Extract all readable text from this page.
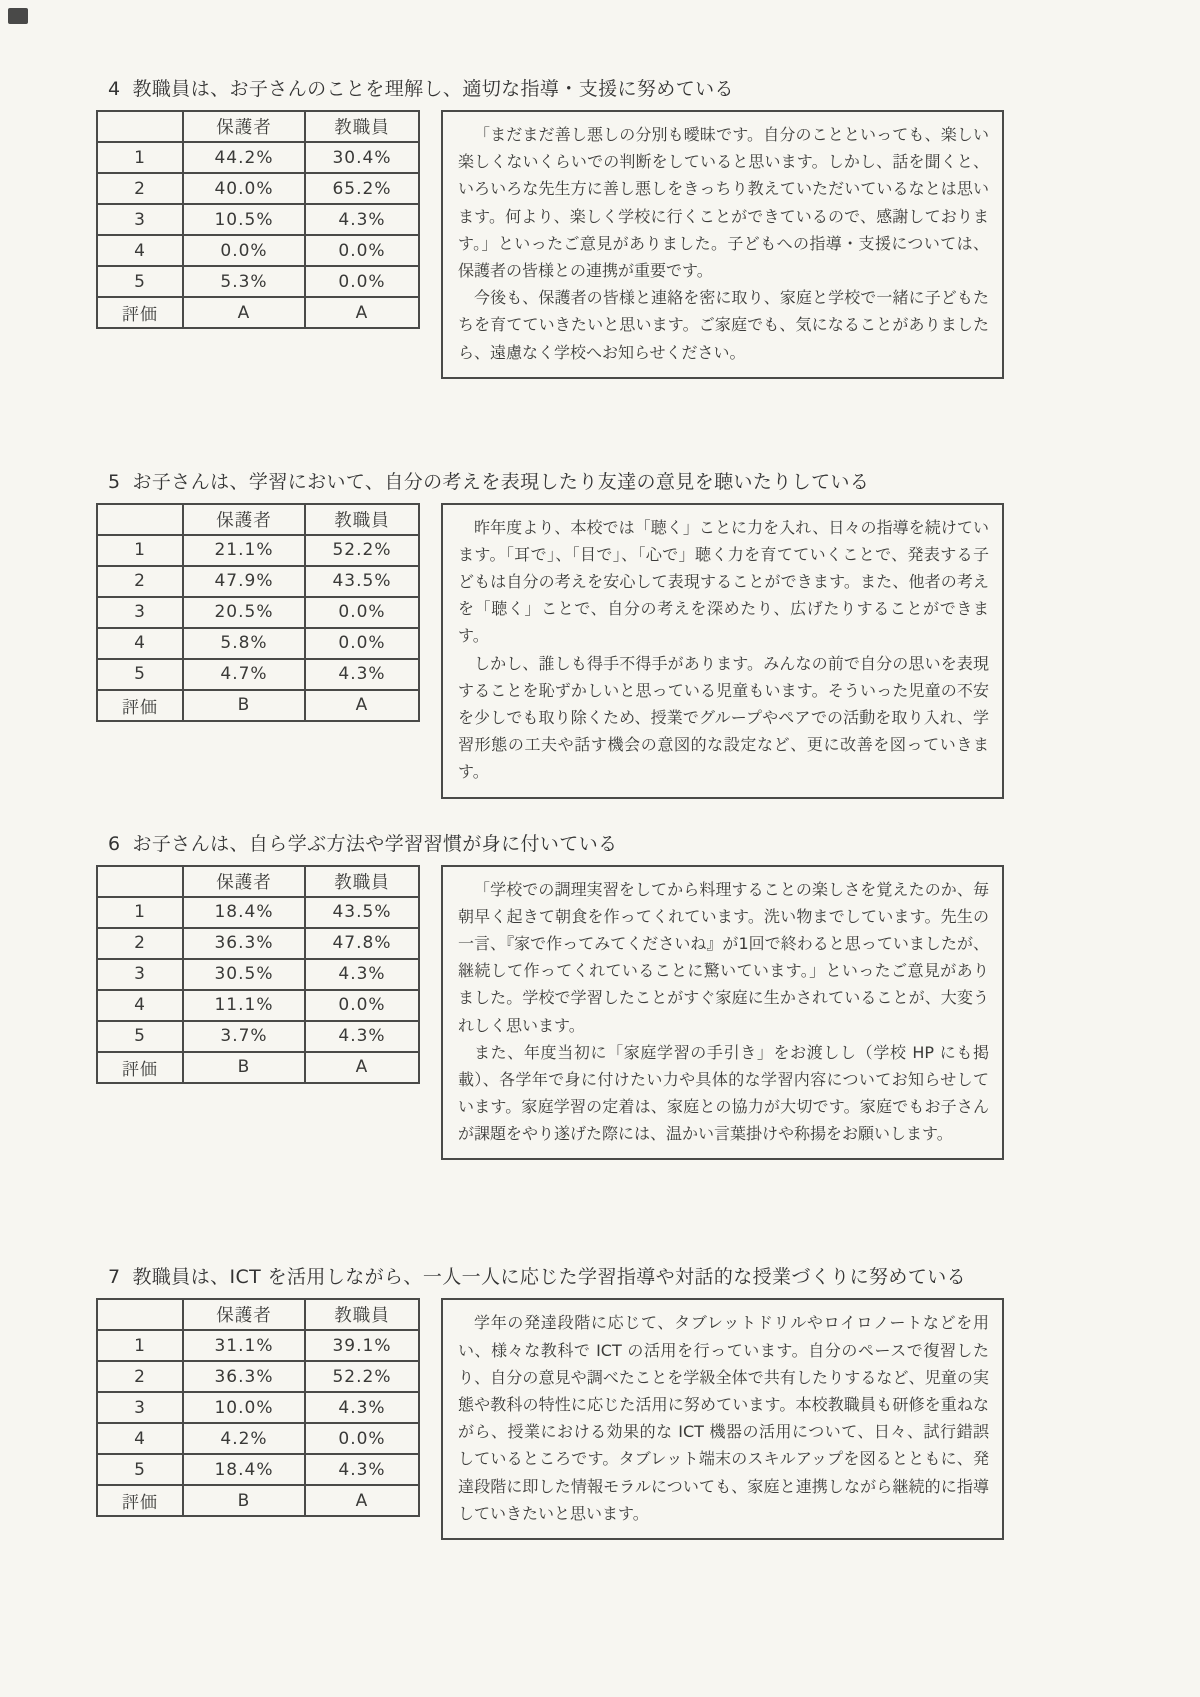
4 教職員は、お子さんのことを理解し、適切な指導・支援に努めている
	保護者	教職員
1	44.2%	30.4%
2	40.0%	65.2%
3	10.5%	4.3%
4	0.0%	0.0%
5	5.3%	0.0%
評価	A	A

「まだまだ善し悪しの分別も曖昧です。自分のことといっても、楽しい楽しくないくらいでの判断をしていると思います。しかし、話を聞くと、いろいろな先生方に善し悪しをきっちり教えていただいているなとは思います。何より、楽しく学校に行くことができているので、感謝しております。」といったご意見がありました。子どもへの指導・支援については、保護者の皆様との連携が重要です。

今後も、保護者の皆様と連絡を密に取り、家庭と学校で一緒に子どもたちを育てていきたいと思います。ご家庭でも、気になることがありましたら、遠慮なく学校へお知らせください。

5 お子さんは、学習において、自分の考えを表現したり友達の意見を聴いたりしている
	保護者	教職員
1	21.1%	52.2%
2	47.9%	43.5%
3	20.5%	0.0%
4	5.8%	0.0%
5	4.7%	4.3%
評価	B	A

昨年度より、本校では「聴く」ことに力を入れ、日々の指導を続けています。「耳で」、「目で」、「心で」聴く力を育てていくことで、発表する子どもは自分の考えを安心して表現することができます。また、他者の考えを「聴く」ことで、自分の考えを深めたり、広げたりすることができます。

しかし、誰しも得手不得手があります。みんなの前で自分の思いを表現することを恥ずかしいと思っている児童もいます。そういった児童の不安を少しでも取り除くため、授業でグループやペアでの活動を取り入れ、学習形態の工夫や話す機会の意図的な設定など、更に改善を図っていきます。

6 お子さんは、自ら学ぶ方法や学習習慣が身に付いている
	保護者	教職員
1	18.4%	43.5%
2	36.3%	47.8%
3	30.5%	4.3%
4	11.1%	0.0%
5	3.7%	4.3%
評価	B	A

「学校での調理実習をしてから料理することの楽しさを覚えたのか、毎朝早く起きて朝食を作ってくれています。洗い物までしています。先生の一言、『家で作ってみてくださいね』が1回で終わると思っていましたが、継続して作ってくれていることに驚いています。」といったご意見がありました。学校で学習したことがすぐ家庭に生かされていることが、大変うれしく思います。

また、年度当初に「家庭学習の手引き」をお渡しし（学校 HP にも掲載）、各学年で身に付けたい力や具体的な学習内容についてお知らせしています。家庭学習の定着は、家庭との協力が大切です。家庭でもお子さんが課題をやり遂げた際には、温かい言葉掛けや称揚をお願いします。

7 教職員は、ICT を活用しながら、一人一人に応じた学習指導や対話的な授業づくりに努めている
	保護者	教職員
1	31.1%	39.1%
2	36.3%	52.2%
3	10.0%	4.3%
4	4.2%	0.0%
5	18.4%	4.3%
評価	B	A

学年の発達段階に応じて、タブレットドリルやロイロノートなどを用い、様々な教科で ICT の活用を行っています。自分のペースで復習したり、自分の意見や調べたことを学級全体で共有したりするなど、児童の実態や教科の特性に応じた活用に努めています。本校教職員も研修を重ねながら、授業における効果的な ICT 機器の活用について、日々、試行錯誤しているところです。タブレット端末のスキルアップを図るとともに、発達段階に即した情報モラルについても、家庭と連携しながら継続的に指導していきたいと思います。
